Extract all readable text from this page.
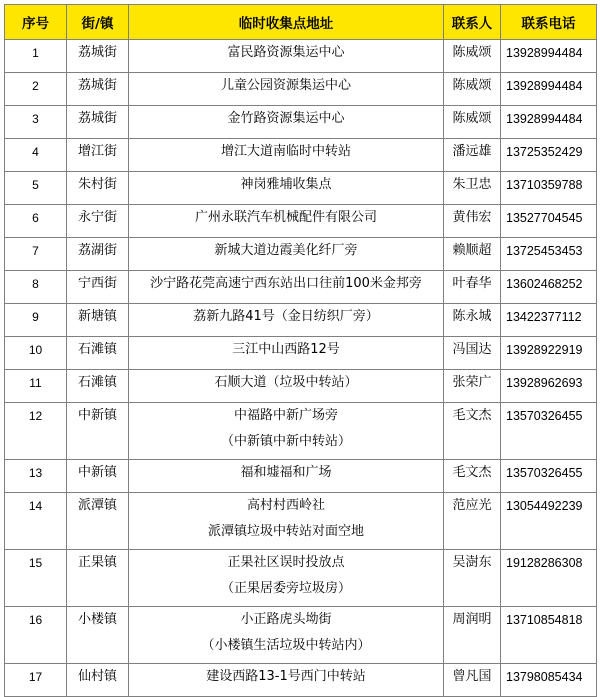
序号	街/镇	临时收集点地址	联系人	联系电话
1	荔城街	富民路资源集运中心	陈威颂	13928994484
2	荔城街	儿童公园资源集运中心	陈威颂	13928994484
3	荔城街	金竹路资源集运中心	陈威颂	13928994484
4	增江街	增江大道南临时中转站	潘远雄	13725352429
5	朱村街	神岗雅埔收集点	朱卫忠	13710359788
6	永宁街	广州永联汽车机械配件有限公司	黄伟宏	13527704545
7	荔湖街	新城大道边霞美化纤厂旁	赖顺超	13725453453
8	宁西街	沙宁路花莞高速宁西东站出口往前100米金邦旁	叶春华	13602468252
9	新塘镇	荔新九路41号（金日纺织厂旁）	陈永城	13422377112
10	石滩镇	三江中山西路12号	冯国达	13928922919
11	石滩镇	石顺大道（垃圾中转站）	张荣广	13928962693
12	中新镇	中福路中新广场旁
（中新镇中新中转站）	毛文杰	13570326455
13	中新镇	福和墟福和广场	毛文杰	13570326455
14	派潭镇	高村村西岭社
派潭镇垃圾中转站对面空地	范应光	13054492239
15	正果镇	正果社区误时投放点
（正果居委旁垃圾房）	吴澍东	19128286308
16	小楼镇	小正路虎头坳街
（小楼镇生活垃圾中转站内）	周润明	13710854818
17	仙村镇	建设西路13-1号西门中转站	曾凡国	13798085434
